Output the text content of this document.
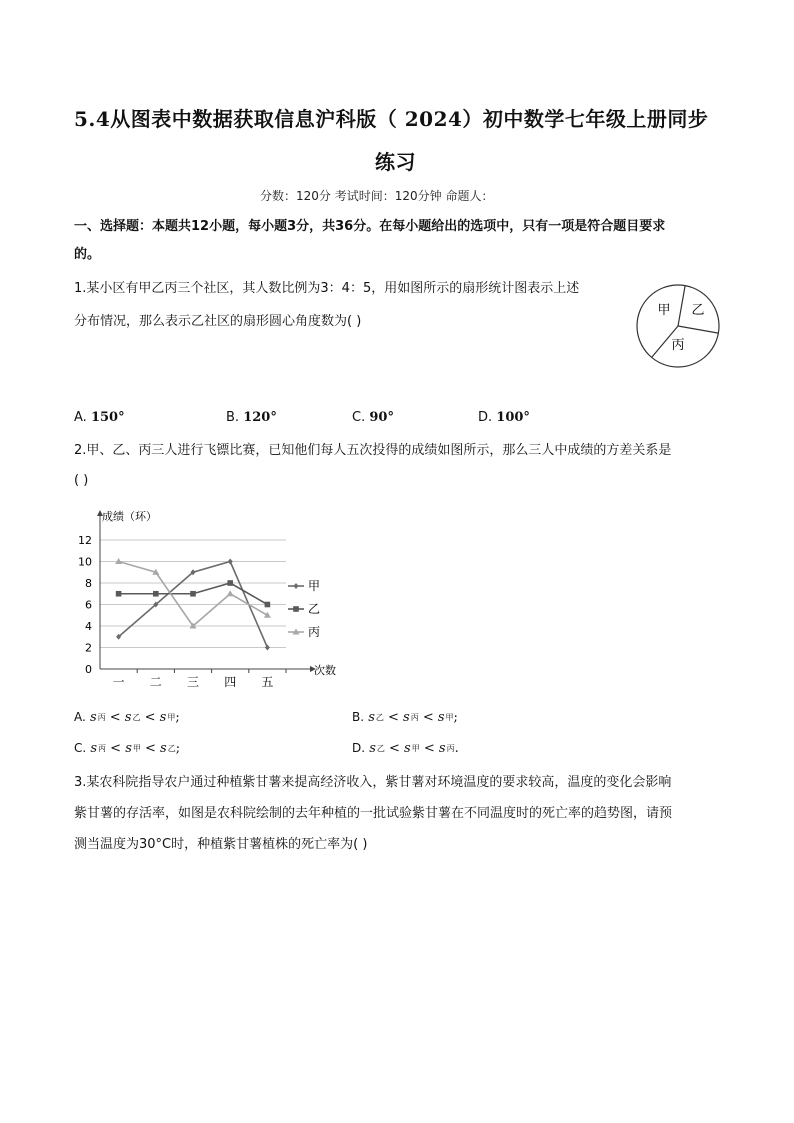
5.4从图表中数据获取信息沪科版（ 2024）初中数学七年级上册同步
练习
分数：120分 考试时间：120分钟 命题人：
一、选择题：本题共12小题，每小题3分，共36分。在每小题给出的选项中，只有一项是符合题目要求
的。
1.某小区有甲乙丙三个社区，其人数比例为3：4：5，用如图所示的扇形统计图表示上述
分布情况，那么表示乙社区的扇形圆心角度数为( )
甲 乙
丙
A. 150°	B. 120°	C. 90°	D. 100°
2.甲、乙、丙三人进行飞镖比赛，已知他们每人五次投得的成绩如图所示，那么三人中成绩的方差关系是
( )
成绩（环）
0
2
4
6
8
10
12
一 二 三 四 五
甲
乙
丙
次数
A. s丙 < s乙 < s甲;	B. s乙 < s丙 < s甲;
C. s丙 < s甲 < s乙;	D. s乙 < s甲 < s丙.
3.某农科院指导农户通过种植紫甘薯来提高经济收入，紫甘薯对环境温度的要求较高，温度的变化会影响
紫甘薯的存活率，如图是农科院绘制的去年种植的一批试验紫甘薯在不同温度时的死亡率的趋势图，请预
测当温度为30°C时，种植紫甘薯植株的死亡率为( )
